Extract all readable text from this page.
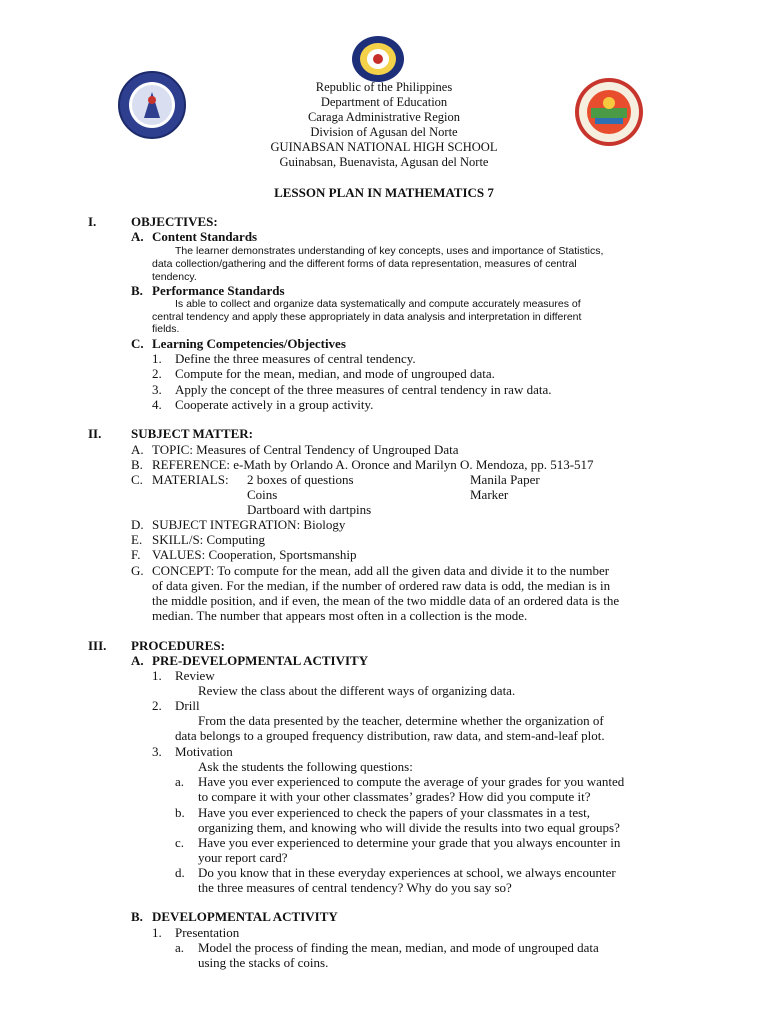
Republic of the Philippines
Department of Education
Caraga Administrative Region
Division of Agusan del Norte
GUINABSAN NATIONAL HIGH SCHOOL
Guinabsan, Buenavista, Agusan del Norte
LESSON PLAN IN MATHEMATICS 7
I.	OBJECTIVES:
A. Content Standards
The learner demonstrates understanding of key concepts, uses and importance of Statistics,
data collection/gathering and the different forms of data representation, measures of central
tendency.
B. Performance Standards
Is able to collect and organize data systematically and compute accurately measures of
central tendency and apply these appropriately in data analysis and interpretation in different
fields.
C. Learning Competencies/Objectives
1. Define the three measures of central tendency.
2. Compute for the mean, median, and mode of ungrouped data.
3. Apply the concept of the three measures of central tendency in raw data.
4. Cooperate actively in a group activity.
II. SUBJECT MATTER:
A. TOPIC: Measures of Central Tendency of Ungrouped Data
B. REFERENCE: e-Math by Orlando A. Oronce and Marilyn O. Mendoza, pp. 513-517
C. MATERIALS: 2 boxes of questions	Manila Paper
Coins	Marker
Dartboard with dartpins
D. SUBJECT INTEGRATION: Biology
E. SKILL/S: Computing
F. VALUES: Cooperation, Sportsmanship
G. CONCEPT: To compute for the mean, add all the given data and divide it to the number
of data given. For the median, if the number of ordered raw data is odd, the median is in
the middle position, and if even, the mean of the two middle data of an ordered data is the
median. The number that appears most often in a collection is the mode.
III. PROCEDURES:
A. PRE-DEVELOPMENTAL ACTIVITY
1. Review
Review the class about the different ways of organizing data.
2. Drill
From the data presented by the teacher, determine whether the organization of
data belongs to a grouped frequency distribution, raw data, and stem-and-leaf plot.
3. Motivation
Ask the students the following questions:
a. Have you ever experienced to compute the average of your grades for you wanted
to compare it with your other classmates’ grades? How did you compute it?
b. Have you ever experienced to check the papers of your classmates in a test,
organizing them, and knowing who will divide the results into two equal groups?
c. Have you ever experienced to determine your grade that you always encounter in
your report card?
d. Do you know that in these everyday experiences at school, we always encounter
the three measures of central tendency? Why do you say so?
B. DEVELOPMENTAL ACTIVITY
1. Presentation
a. Model the process of finding the mean, median, and mode of ungrouped data
using the stacks of coins.
